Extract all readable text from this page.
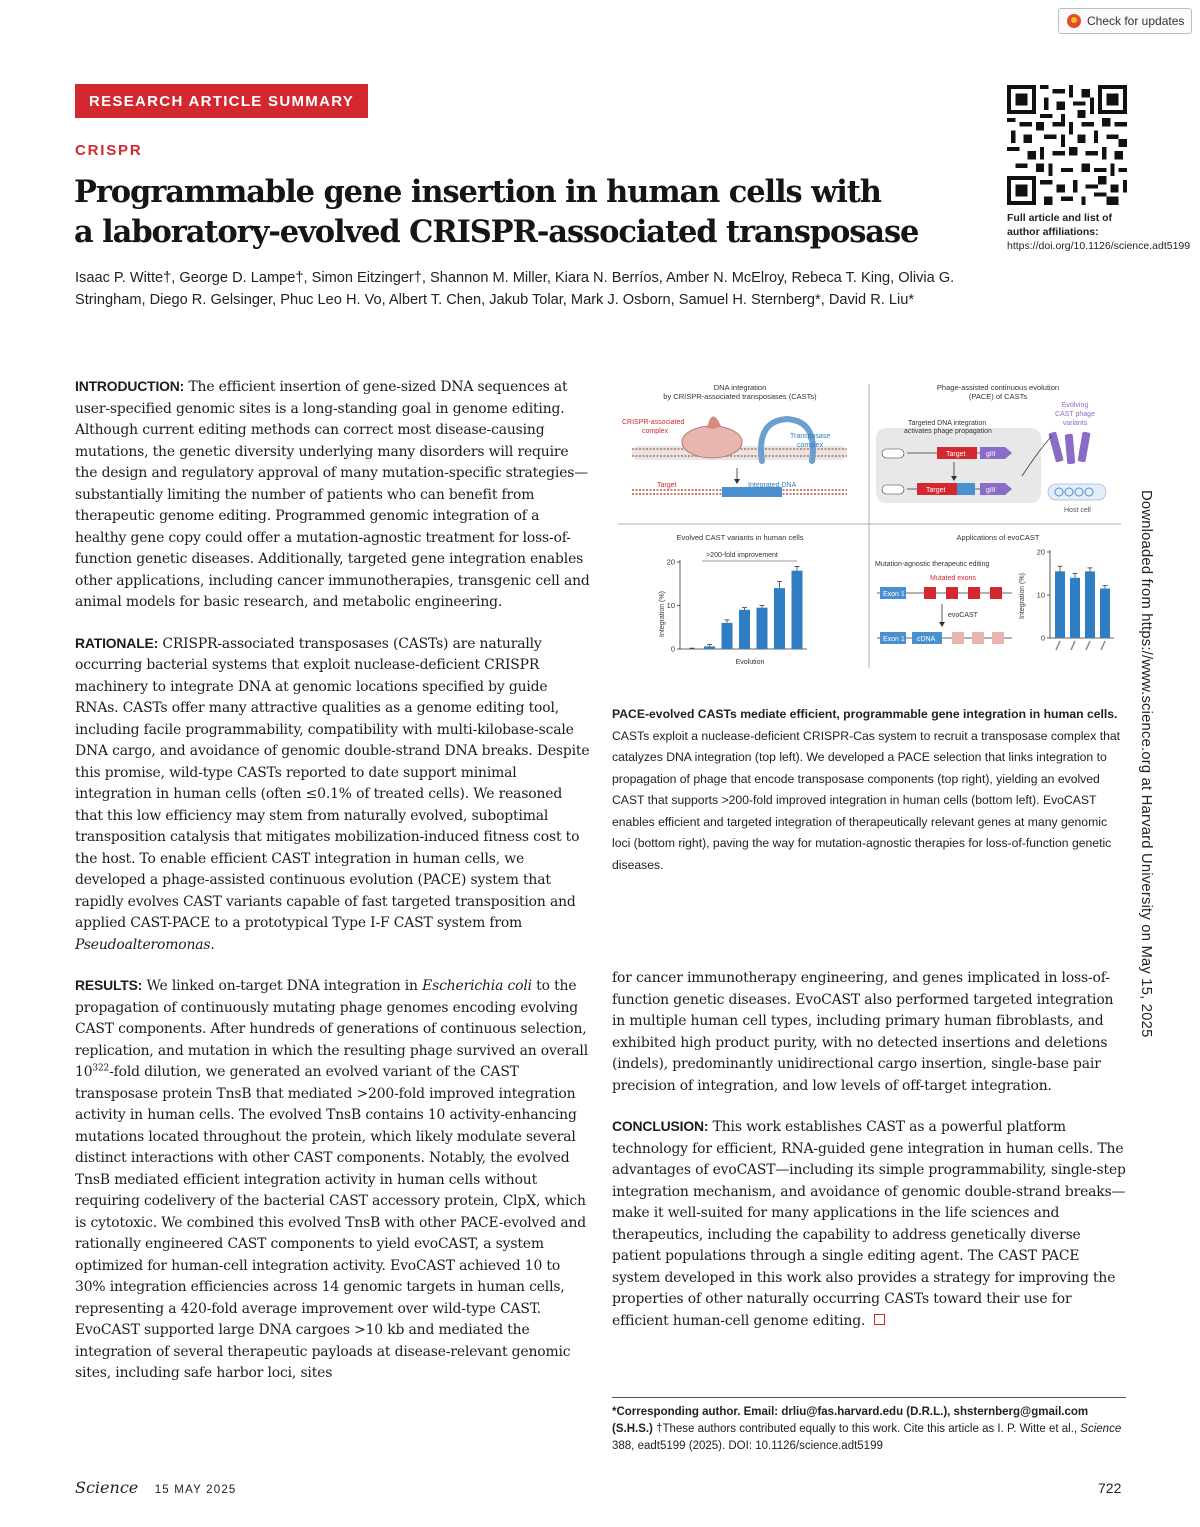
Check for updates
RESEARCH ARTICLE SUMMARY
CRISPR
Programmable gene insertion in human cells with
a laboratory-evolved CRISPR-associated transposase
Isaac P. Witte†, George D. Lampe†, Simon Eitzinger†, Shannon M. Miller, Kiara N. Berríos, Amber N. McElroy, Rebeca T. King, Olivia G. Stringham, Diego R. Gelsinger, Phuc Leo H. Vo, Albert T. Chen, Jakub Tolar, Mark J. Osborn, Samuel H. Sternberg*, David R. Liu*
Full article and list of author affiliations:
https://doi.org/10.1126/science.adt5199
Downloaded from https://www.science.org at Harvard University on May 15, 2025

INTRODUCTION: The efficient insertion of gene-sized DNA sequences at user-specified genomic sites is a long-standing goal in genome editing. Although current editing methods can correct most disease-causing mutations, the genetic diversity underlying many disorders will require the design and regulatory approval of many mutation-specific strategies—substantially limiting the number of patients who can benefit from therapeutic genome editing. Programmed genomic integration of a healthy gene copy could offer a mutation-agnostic treatment for loss-of-function genetic diseases. Additionally, targeted gene integration enables other applications, including cancer immunotherapies, transgenic cell and animal models for basic research, and metabolic engineering.

RATIONALE: CRISPR-associated transposases (CASTs) are naturally occurring bacterial systems that exploit nuclease-deficient CRISPR machinery to integrate DNA at genomic locations specified by guide RNAs. CASTs offer many attractive qualities as a genome editing tool, including facile programmability, compatibility with multi-kilobase-scale DNA cargo, and avoidance of genomic double-strand DNA breaks. Despite this promise, wild-type CASTs reported to date support minimal integration in human cells (often ≤0.1% of treated cells). We reasoned that this low efficiency may stem from naturally evolved, suboptimal transposition catalysis that mitigates mobilization-induced fitness cost to the host. To enable efficient CAST integration in human cells, we developed a phage-assisted continuous evolution (PACE) system that rapidly evolves CAST variants capable of fast targeted transposition and applied CAST-PACE to a prototypical Type I-F CAST system from Pseudoalteromonas.

RESULTS: We linked on-target DNA integration in Escherichia coli to the propagation of continuously mutating phage genomes encoding evolving CAST components. After hundreds of generations of continuous selection, replication, and mutation in which the resulting phage survived an overall $10^{322}$-fold dilution, we generated an evolved variant of the CAST transposase protein TnsB that mediated >200-fold improved integration activity in human cells. The evolved TnsB contains 10 activity-enhancing mutations located throughout the protein, which likely modulate several distinct interactions with other CAST components. Notably, the evolved TnsB mediated efficient integration activity in human cells without requiring codelivery of the bacterial CAST accessory protein, ClpX, which is cytotoxic. We combined this evolved TnsB with other PACE-evolved and rationally engineered CAST components to yield evoCAST, a system optimized for human-cell integration activity. EvoCAST achieved 10 to 30% integration efficiencies across 14 genomic targets in human cells, representing a 420-fold average improvement over wild-type CAST. EvoCAST supported large DNA cargoes >10 kb and mediated the integration of several therapeutic payloads at disease-relevant genomic sites, including safe harbor loci, sites

DNA integration
by CRISPR-associated transposases (CASTs)
CRISPR-associated
complex
Transposase
complex
Target	Integrated DNA
Phage-assisted continuous evolution
(PACE) of CASTs
Targeted DNA integration
activates phage propagation
Target	gIII
Target	gIII
Evolving
CAST phage
variants
Host cell
Evolved CAST variants in human cells
>200-fold improvement
Integration (%)
Evolution
0
10
20
Applications of evoCAST
Mutation-agnostic therapeutic editing
Mutated exons
Exon 1
evoCAST
Exon 1 cDNA
Integration (%)
0
10
20
PACE-evolved CASTs mediate efficient, programmable gene integration in human cells. CASTs exploit a nuclease-deficient CRISPR-Cas system to recruit a transposase complex that catalyzes DNA integration (top left). We developed a PACE selection that links integration to propagation of phage that encode transposase components (top right), yielding an evolved CAST that supports >200-fold improved integration in human cells (bottom left). EvoCAST enables efficient and targeted integration of therapeutically relevant genes at many genomic loci (bottom right), paving the way for mutation-agnostic therapies for loss-of-function genetic diseases.

for cancer immunotherapy engineering, and genes implicated in loss-of-function genetic diseases. EvoCAST also performed targeted integration in multiple human cell types, including primary human fibroblasts, and exhibited high product purity, with no detected insertions and deletions (indels), predominantly unidirectional cargo insertion, single-base pair precision of integration, and low levels of off-target integration.

CONCLUSION: This work establishes CAST as a powerful platform technology for efficient, RNA-guided gene integration in human cells. The advantages of evoCAST—including its simple programmability, single-step integration mechanism, and avoidance of genomic double-strand breaks—make it well-suited for many applications in the life sciences and therapeutics, including the capability to address genetically diverse patient populations through a single editing agent. The CAST PACE system developed in this work also provides a strategy for improving the properties of other naturally occurring CASTs toward their use for efficient human-cell genome editing.

*Corresponding author. Email: drliu@fas.harvard.edu (D.R.L.), shsternberg@gmail.com (S.H.S.) †These authors contributed equally to this work. Cite this article as I. P. Witte et al., Science 388, eadt5199 (2025). DOI: 10.1126/science.adt5199
Science 15 MAY 2025	722
